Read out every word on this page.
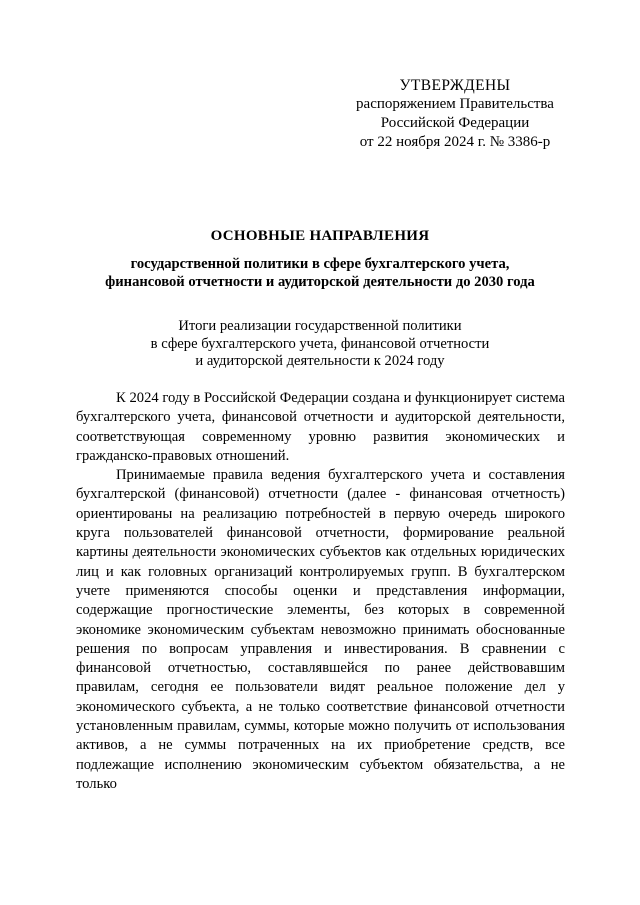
УТВЕРЖДЕНЫ
распоряжением Правительства
Российской Федерации
от 22 ноября 2024 г. № 3386-р
ОСНОВНЫЕ НАПРАВЛЕНИЯ
государственной политики в сфере бухгалтерского учета,
финансовой отчетности и аудиторской деятельности до 2030 года
Итоги реализации государственной политики
в сфере бухгалтерского учета, финансовой отчетности
и аудиторской деятельности к 2024 году

К 2024 году в Российской Федерации создана и функционирует система бухгалтерского учета, финансовой отчетности и аудиторской деятельности, соответствующая современному уровню развития экономических и гражданско-правовых отношений.

Принимаемые правила ведения бухгалтерского учета и составления бухгалтерской (финансовой) отчетности (далее - финансовая отчетность) ориентированы на реализацию потребностей в первую очередь широкого круга пользователей финансовой отчетности, формирование реальной картины деятельности экономических субъектов как отдельных юридических лиц и как головных организаций контролируемых групп. В бухгалтерском учете применяются способы оценки и представления информации, содержащие прогностические элементы, без которых в современной экономике экономическим субъектам невозможно принимать обоснованные решения по вопросам управления и инвестирования. В сравнении с финансовой отчетностью, составлявшейся по ранее действовавшим правилам, сегодня ее пользователи видят реальное положение дел у экономического субъекта, а не только соответствие финансовой отчетности установленным правилам, суммы, которые можно получить от использования активов, а не суммы потраченных на их приобретение средств, все подлежащие исполнению экономическим субъектом обязательства, а не только
